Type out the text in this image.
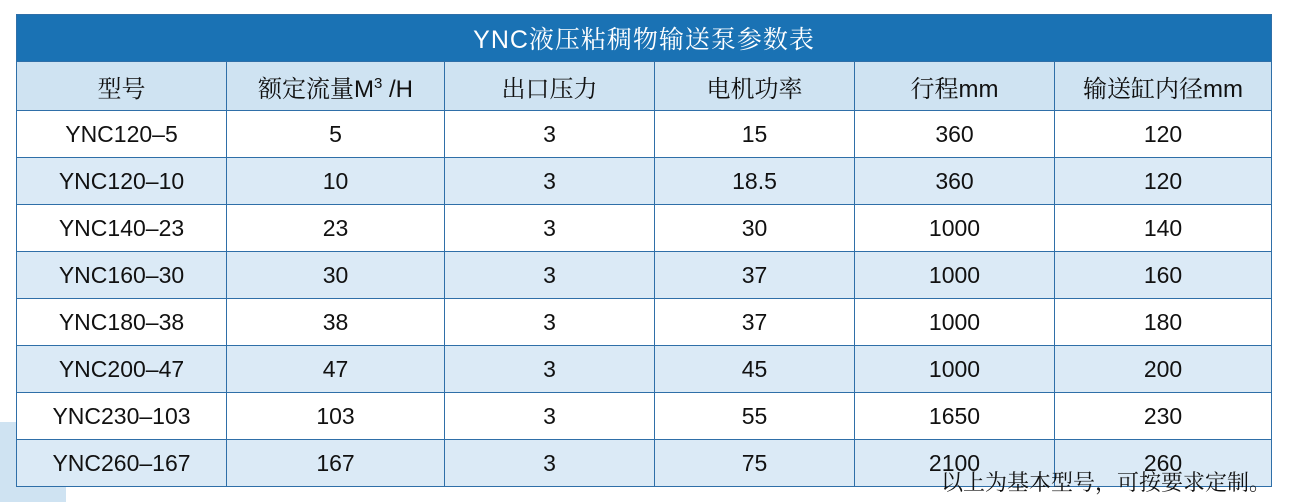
YNC液压粘稠物输送泵参数表					
型号	额定流量$M^3$ /H	出口压力	电机功率	行程mm	输送缸内径mm
YNC120–5	5	3	15	360	120
YNC120–10	10	3	18.5	360	120
YNC140–23	23	3	30	1000	140
YNC160–30	30	3	37	1000	160
YNC180–38	38	3	37	1000	180
YNC200–47	47	3	45	1000	200
YNC230–103	103	3	55	1650	230
YNC260–167	167	3	75	2100	260
以上为基本型号，可按要求定制。
